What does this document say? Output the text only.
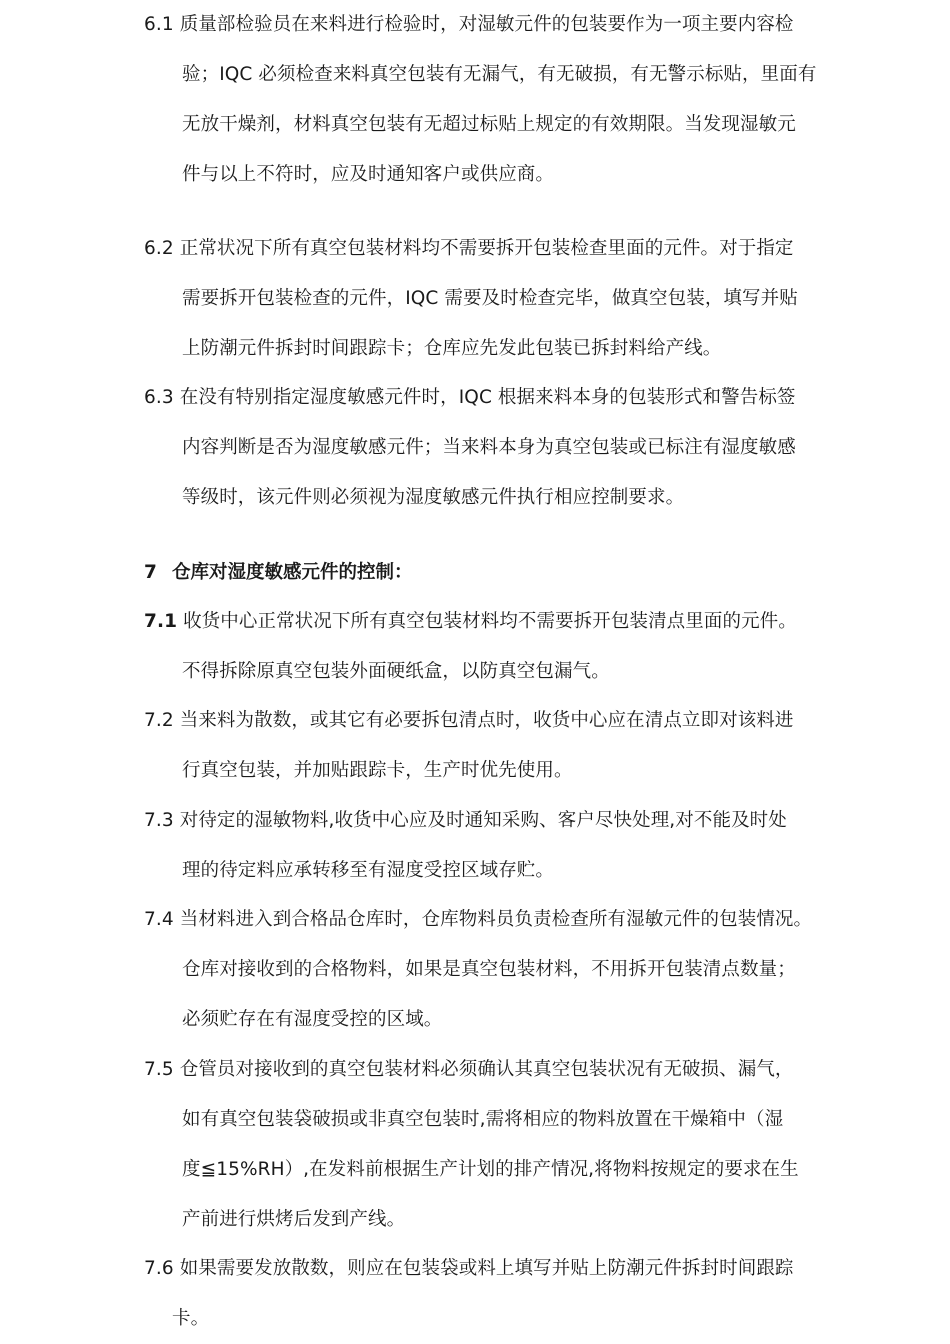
6.1 质量部检验员在来料进行检验时，对湿敏元件的包装要作为一项主要内容检
验；IQC 必须检查来料真空包装有无漏气，有无破损，有无警示标贴，里面有
无放干燥剂，材料真空包装有无超过标贴上规定的有效期限。当发现湿敏元
件与以上不符时，应及时通知客户或供应商。

6.2 正常状况下所有真空包装材料均不需要拆开包装检查里面的元件。对于指定
需要拆开包装检查的元件，IQC 需要及时检查完毕，做真空包装，填写并贴
上防潮元件拆封时间跟踪卡；仓库应先发此包装已拆封料给产线。

6.3 在没有特别指定湿度敏感元件时，IQC 根据来料本身的包装形式和警告标签
内容判断是否为湿度敏感元件；当来料本身为真空包装或已标注有湿度敏感
等级时，该元件则必须视为湿度敏感元件执行相应控制要求。

7 仓库对湿度敏感元件的控制：

7.1 收货中心正常状况下所有真空包装材料均不需要拆开包装清点里面的元件。
不得拆除原真空包装外面硬纸盒，以防真空包漏气。

7.2 当来料为散数，或其它有必要拆包清点时，收货中心应在清点立即对该料进
行真空包装，并加贴跟踪卡，生产时优先使用。

7.3 对待定的湿敏物料,收货中心应及时通知采购、客户尽快处理,对不能及时处
理的待定料应承转移至有湿度受控区域存贮。

7.4 当材料进入到合格品仓库时，仓库物料员负责检查所有湿敏元件的包装情况。
仓库对接收到的合格物料，如果是真空包装材料，不用拆开包装清点数量；
必须贮存在有湿度受控的区域。

7.5 仓管员对接收到的真空包装材料必须确认其真空包装状况有无破损、漏气，
如有真空包装袋破损或非真空包装时,需将相应的物料放置在干燥箱中（湿
度≦15%RH）,在发料前根据生产计划的排产情况,将物料按规定的要求在生
产前进行烘烤后发到产线。

7.6 如果需要发放散数，则应在包装袋或料上填写并贴上防潮元件拆封时间跟踪
卡。
